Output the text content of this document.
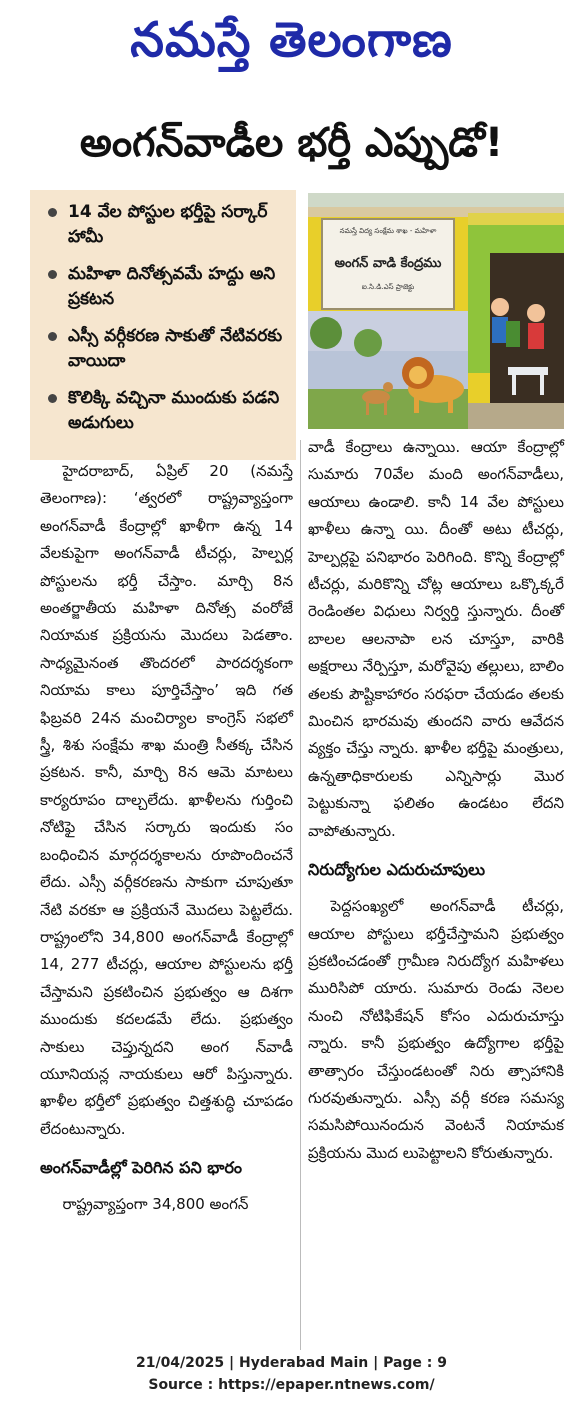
నమస్తే తెలంగాణ
అంగన్‌వాడీల భర్తీ ఎప్పుడో!
14 వేల పోస్టుల భర్తీపై సర్కార్‌ హామీ
మహిళా దినోత్సవమే హద్దు అని ప్రకటన
ఎస్సీ వర్గీకరణ సాకుతో నేటివరకు వాయిదా
కొలిక్కి వచ్చినా ముందుకు పడని అడుగులు
నమస్తే విద్య సంక్షేమ శాఖ - మహిళా
అంగన్ వాడి కేంద్రము
ఐ.సి.డి.ఎస్ ప్రాజెక్టు

హైదరాబాద్‌, ఏప్రిల్‌ 20 (నమస్తే తెలంగాణ): ‘త్వరలో రాష్ట్రవ్యాప్తంగా అంగన్‌వాడీ కేంద్రాల్లో ఖాళీగా ఉన్న 14 వేలకుపైగా అంగన్‌వాడీ టీచర్లు, హెల్పర్ల పోస్టులను భర్తీ చేస్తాం. మార్చి 8న అంతర్జాతీయ మహిళా దినోత్స వంరోజే నియామక ప్రక్రియను మొదలు పెడతాం. సాధ్యమైనంత తొందరలో పారదర్శకంగా నియామ కాలు పూర్తిచేస్తాం’ ఇది గత ఫిబ్రవరి 24న మంచిర్యాల కాంగ్రెస్‌ సభలో స్త్రీ, శిశు సంక్షేమ శాఖ మంత్రి సీతక్క చేసిన ప్రకటన. కానీ, మార్చి 8న ఆమె మాటలు కార్యరూపం దాల్చలేదు. ఖాళీలను గుర్తించి నోటిఫై చేసిన సర్కారు ఇందుకు సం బంధించిన మార్గదర్శకాలను రూపొందించనే లేదు. ఎస్సీ వర్గీకరణను సాకుగా చూపుతూ నేటి వరకూ ఆ ప్రక్రియనే మొదలు పెట్టలేదు. రాష్ట్రంలోని 34,800 అంగన్‌వాడీ కేంద్రాల్లో 14, 277 టీచర్లు, ఆయాల పోస్టులను భర్తీ చేస్తామని ప్రకటించిన ప్రభుత్వం ఆ దిశగా ముందుకు కదలడమే లేదు. ప్రభుత్వం సాకులు చెప్తున్నదని అంగ న్‌వాడీ యూనియన్ల నాయకులు ఆరో పిస్తున్నారు. ఖాళీల భర్తీలో ప్రభుత్వం చిత్తశుద్ధి చూపడం లేదంటున్నారు.

అంగన్‌వాడీల్లో పెరిగిన పని భారం

రాష్ట్రవ్యాప్తంగా 34,800 అంగన్‌

వాడీ కేంద్రాలు ఉన్నాయి. ఆయా కేంద్రాల్లో సుమారు 70వేల మంది అంగన్‌వాడీలు, ఆయాలు ఉండాలి. కానీ 14 వేల పోస్టులు ఖాళీలు ఉన్నా యి. దీంతో అటు టీచర్లు, హెల్పర్లపై పనిభారం పెరిగింది. కొన్ని కేంద్రాల్లో టీచర్లు, మరికొన్ని చోట్ల ఆయాలు ఒక్కొక్కరే రెండింతల విధులు నిర్వర్తి స్తున్నారు. దీంతో బాలల ఆలనాపా లన చూస్తూ, వారికి అక్షరాలు నేర్పిస్తూ, మరోవైపు తల్లులు, బాలిం తలకు పౌష్టికాహారం సరఫరా చేయడం తలకు మించిన భారమవు తుందని వారు ఆవేదన వ్యక్తం చేస్తు న్నారు. ఖాళీల భర్తీపై మంత్రులు, ఉన్నతాధికారులకు ఎన్నిసార్లు మొర పెట్టుకున్నా ఫలితం ఉండటం లేదని వాపోతున్నారు.

నిరుద్యోగుల ఎదురుచూపులు

పెద్దసంఖ్యలో అంగన్‌వాడీ టీచర్లు, ఆయాల పోస్టులు భర్తీచేస్తామని ప్రభుత్వం ప్రకటించడంతో గ్రామీణ నిరుద్యోగ మహిళలు మురిసిపో యారు. సుమారు రెండు నెలల నుంచి నోటిఫికేషన్‌ కోసం ఎదురుచూస్తు న్నారు. కానీ ప్రభుత్వం ఉద్యోగాల భర్తీపై తాత్సారం చేస్తుండటంతో నిరు త్సాహానికి గురవుతున్నారు. ఎస్సీ వర్గీ కరణ సమస్య సమసిపోయినందున వెంటనే నియామక ప్రక్రియను మొద లుపెట్టాలని కోరుతున్నారు.

21/04/2025 | Hyderabad Main | Page : 9
Source : https://epaper.ntnews.com/
